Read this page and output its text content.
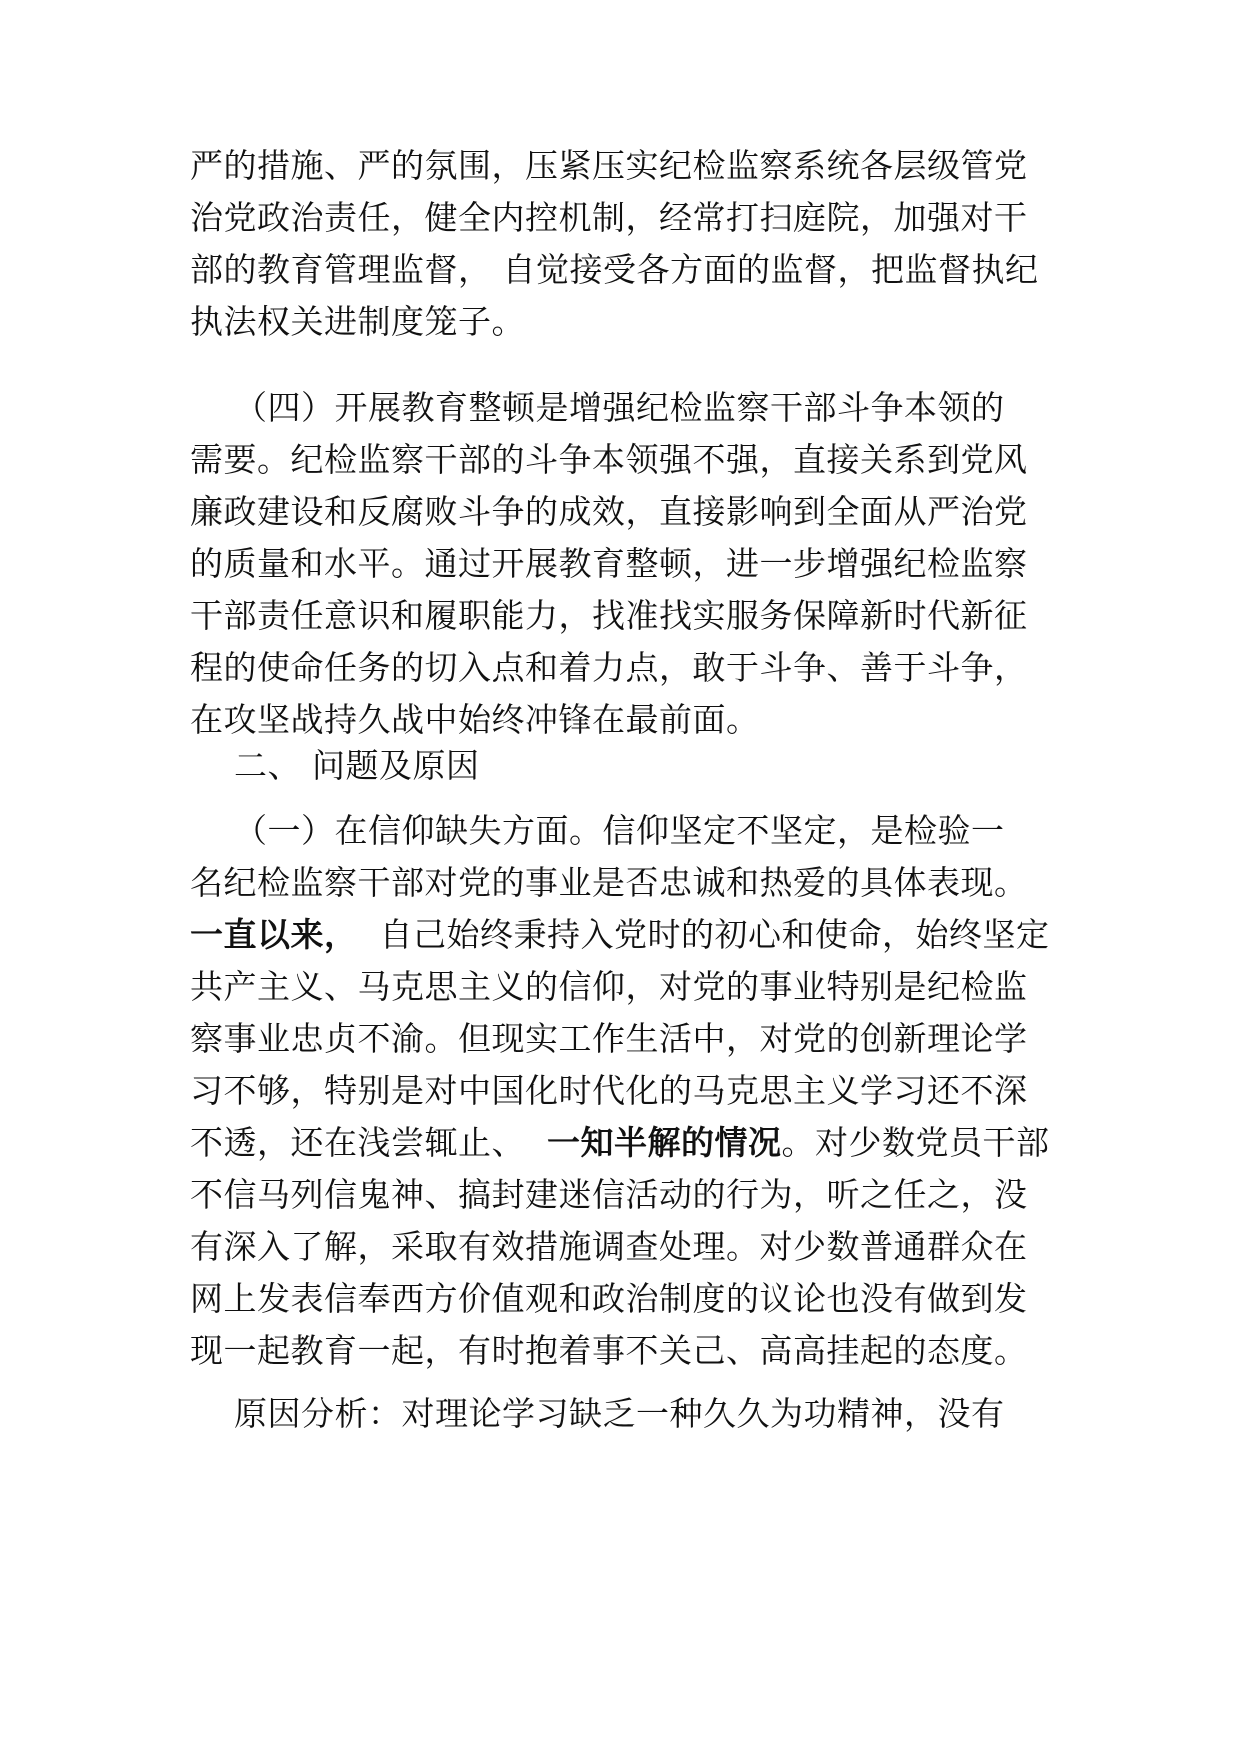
严的措施、严的氛围，压紧压实纪检监察系统各层级管党
治党政治责任，健全内控机制，经常打扫庭院，加强对干
部的教育管理监督， 自觉接受各方面的监督，把监督执纪
执法权关进制度笼子。
（四）开展教育整顿是增强纪检监察干部斗争本领的
需要。纪检监察干部的斗争本领强不强，直接关系到党风
廉政建设和反腐败斗争的成效，直接影响到全面从严治党
的质量和水平。通过开展教育整顿，进一步增强纪检监察
干部责任意识和履职能力，找准找实服务保障新时代新征
程的使命任务的切入点和着力点，敢于斗争、善于斗争，
在攻坚战持久战中始终冲锋在最前面。
二、 问题及原因
（一）在信仰缺失方面。信仰坚定不坚定，是检验一
名纪检监察干部对党的事业是否忠诚和热爱的具体表现。
一直以来，  自己始终秉持入党时的初心和使命，始终坚定
共产主义、马克思主义的信仰，对党的事业特别是纪检监
察事业忠贞不渝。但现实工作生活中，对党的创新理论学
习不够，特别是对中国化时代化的马克思主义学习还不深
不透，还在浅尝辄止、  一知半解的情况。对少数党员干部
不信马列信鬼神、搞封建迷信活动的行为，听之任之，没
有深入了解，采取有效措施调查处理。对少数普通群众在
网上发表信奉西方价值观和政治制度的议论也没有做到发
现一起教育一起，有时抱着事不关己、高高挂起的态度。
原因分析：对理论学习缺乏一种久久为功精神，没有
